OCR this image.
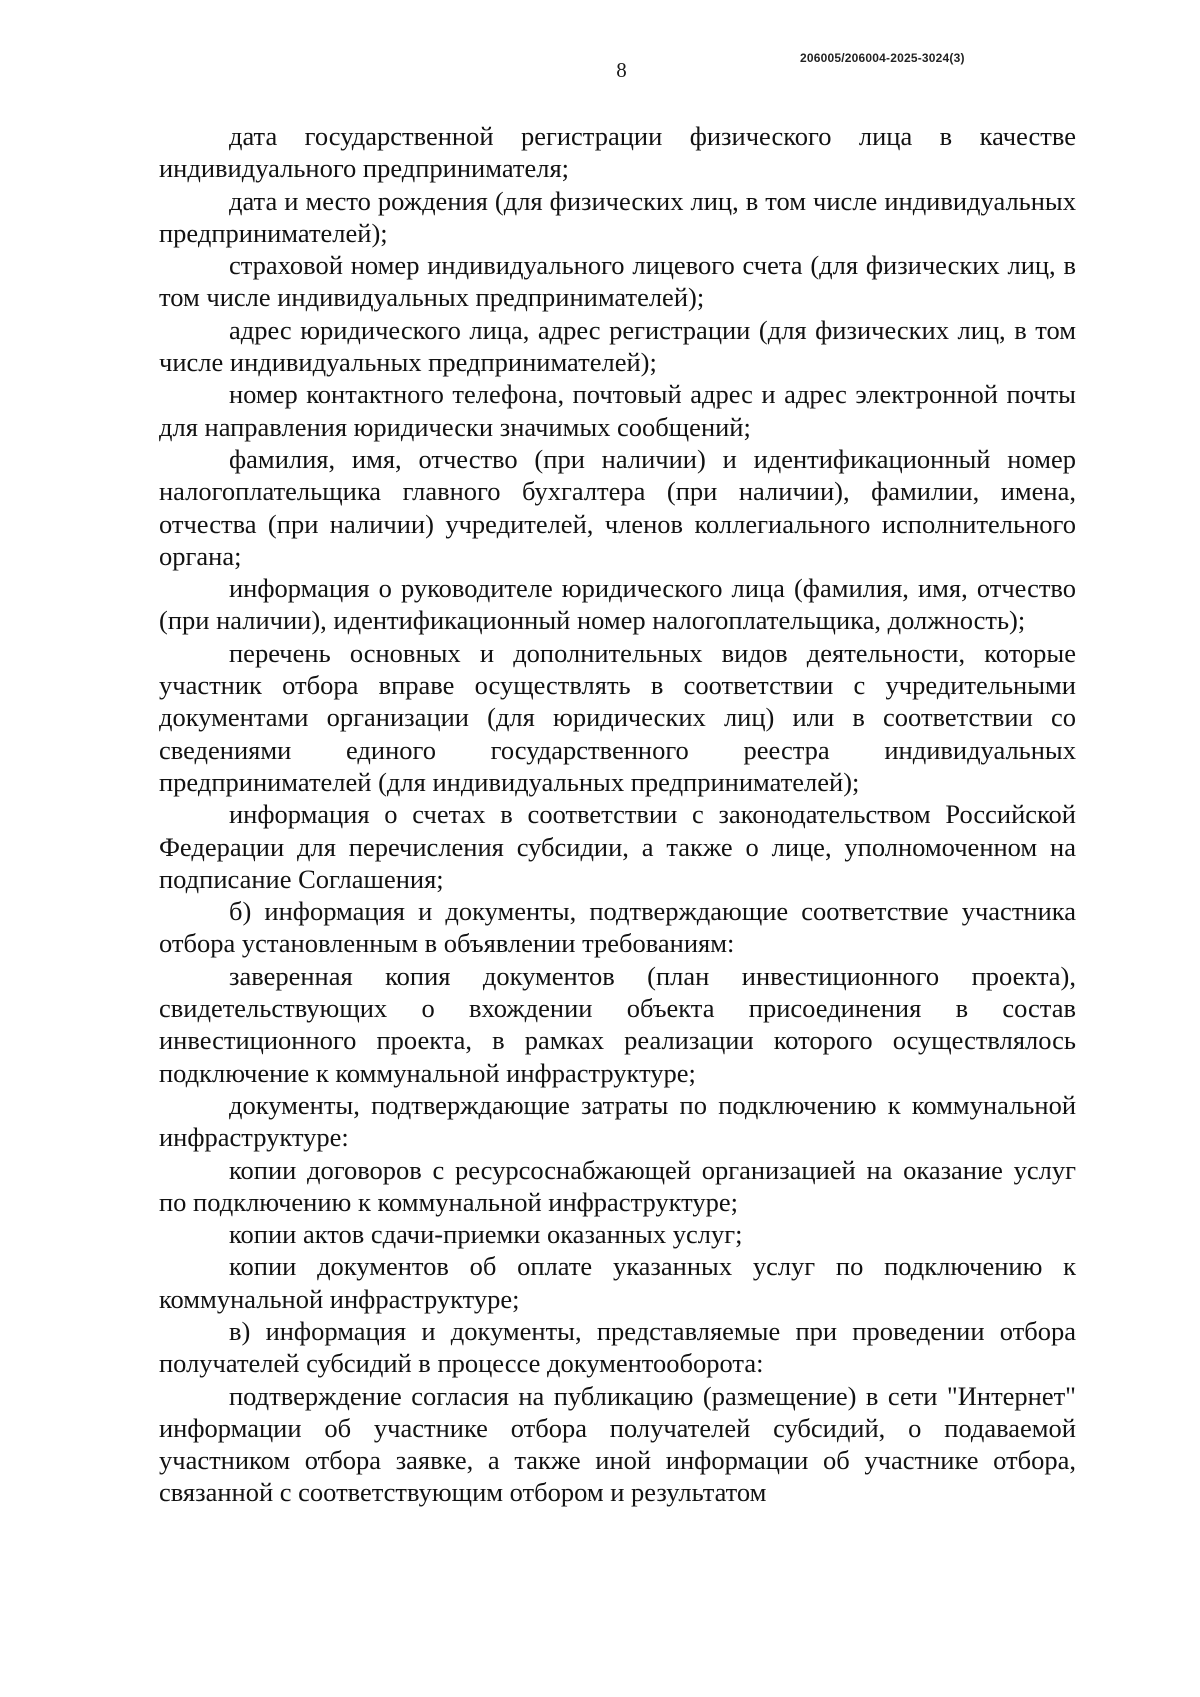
8	206005/206004-2025-3024(3)

дата государственной регистрации физического лица в качестве индивидуального предпринимателя;

дата и место рождения (для физических лиц, в том числе индивидуальных предпринимателей);

страховой номер индивидуального лицевого счета (для физических лиц, в том числе индивидуальных предпринимателей);

адрес юридического лица, адрес регистрации (для физических лиц, в том числе индивидуальных предпринимателей);

номер контактного телефона, почтовый адрес и адрес электронной почты для направления юридически значимых сообщений;

фамилия, имя, отчество (при наличии) и идентификационный номер налогоплательщика главного бухгалтера (при наличии), фамилии, имена, отчества (при наличии) учредителей, членов коллегиального исполнительного органа;

информация о руководителе юридического лица (фамилия, имя, отчество (при наличии), идентификационный номер налогоплательщика, должность);

перечень основных и дополнительных видов деятельности, которые участник отбора вправе осуществлять в соответствии с учредительными документами организации (для юридических лиц) или в соответствии со сведениями единого государственного реестра индивидуальных предпринимателей (для индивидуальных предпринимателей);

информация о счетах в соответствии с законодательством Российской Федерации для перечисления субсидии, а также о лице, уполномоченном на подписание Соглашения;

б) информация и документы, подтверждающие соответствие участника отбора установленным в объявлении требованиям:

заверенная копия документов (план инвестиционного проекта), свидетельствующих о вхождении объекта присоединения в состав инвестиционного проекта, в рамках реализации которого осуществлялось подключение к коммунальной инфраструктуре;

документы, подтверждающие затраты по подключению к коммунальной инфраструктуре:

копии договоров с ресурсоснабжающей организацией на оказание услуг по подключению к коммунальной инфраструктуре;

копии актов сдачи-приемки оказанных услуг;

копии документов об оплате указанных услуг по подключению к коммунальной инфраструктуре;

в) информация и документы, представляемые при проведении отбора получателей субсидий в процессе документооборота:

подтверждение согласия на публикацию (размещение) в сети "Интернет" информации об участнике отбора получателей субсидий, о подаваемой участником отбора заявке, а также иной информации об участнике отбора, связанной с соответствующим отбором и результатом
